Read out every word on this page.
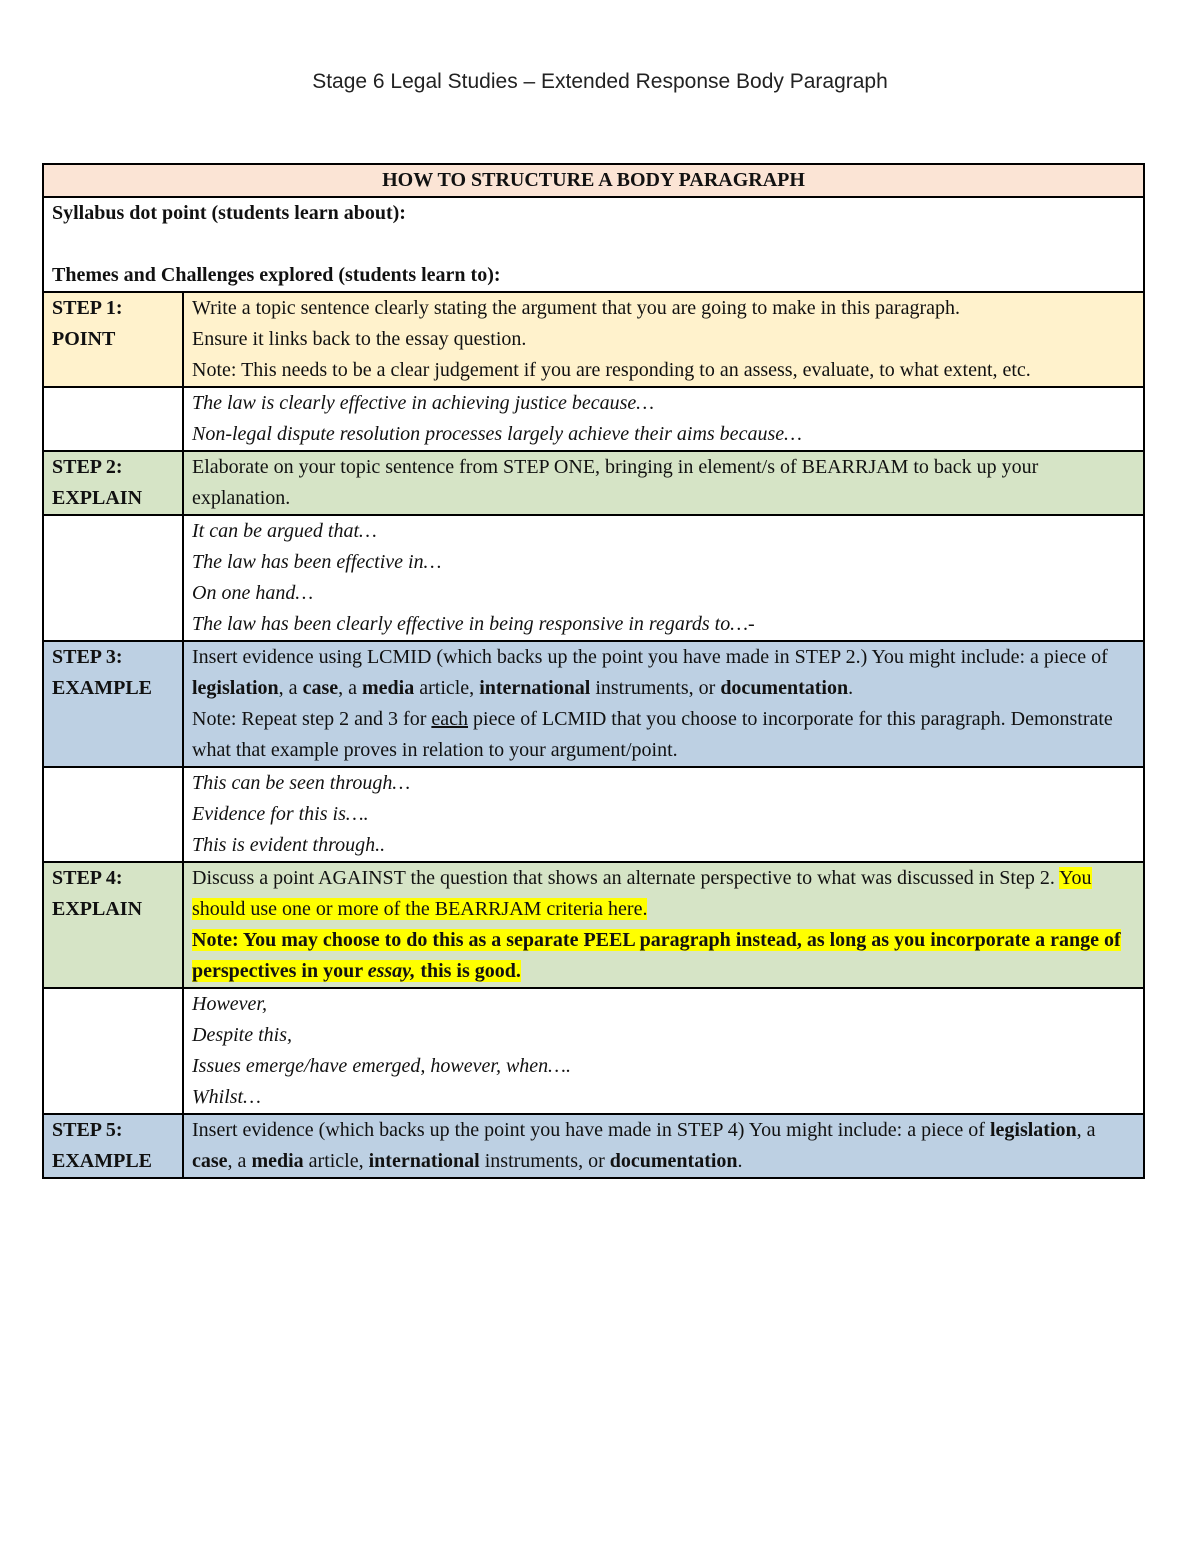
Stage 6 Legal Studies – Extended Response Body Paragraph
HOW TO STRUCTURE A BODY PARAGRAPH	

Syllabus dot point (students learn about):

Themes and Challenges explored (students learn to):	

STEP 1:
POINT	Write a topic sentence clearly stating the argument that you are going to make in this paragraph.
Ensure it links back to the essay question.
Note: This needs to be a clear judgement if you are responding to an assess, evaluate, to what extent, etc.

	The law is clearly effective in achieving justice because…
Non-legal dispute resolution processes largely achieve their aims because…

STEP 2:
EXPLAIN	Elaborate on your topic sentence from STEP ONE, bringing in element/s of BEARRJAM to back up your explanation.

	It can be argued that…
The law has been effective in…
On one hand…
The law has been clearly effective in being responsive in regards to…-

STEP 3:
EXAMPLE	Insert evidence using LCMID (which backs up the point you have made in STEP 2.) You might include: a piece of legislation, a case, a media article, international instruments, or documentation.
Note: Repeat step 2 and 3 for each piece of LCMID that you choose to incorporate for this paragraph. Demonstrate what that example proves in relation to your argument/point.

	This can be seen through…
Evidence for this is….
This is evident through..

STEP 4:
EXPLAIN	Discuss a point AGAINST the question that shows an alternate perspective to what was discussed in Step 2. You should use one or more of the BEARRJAM criteria here.
Note: You may choose to do this as a separate PEEL paragraph instead, as long as you incorporate a range of perspectives in your essay, this is good.

	However,
Despite this,
Issues emerge/have emerged, however, when….
Whilst…

STEP 5:
EXAMPLE	Insert evidence (which backs up the point you have made in STEP 4) You might include: a piece of legislation, a case, a media article, international instruments, or documentation.
